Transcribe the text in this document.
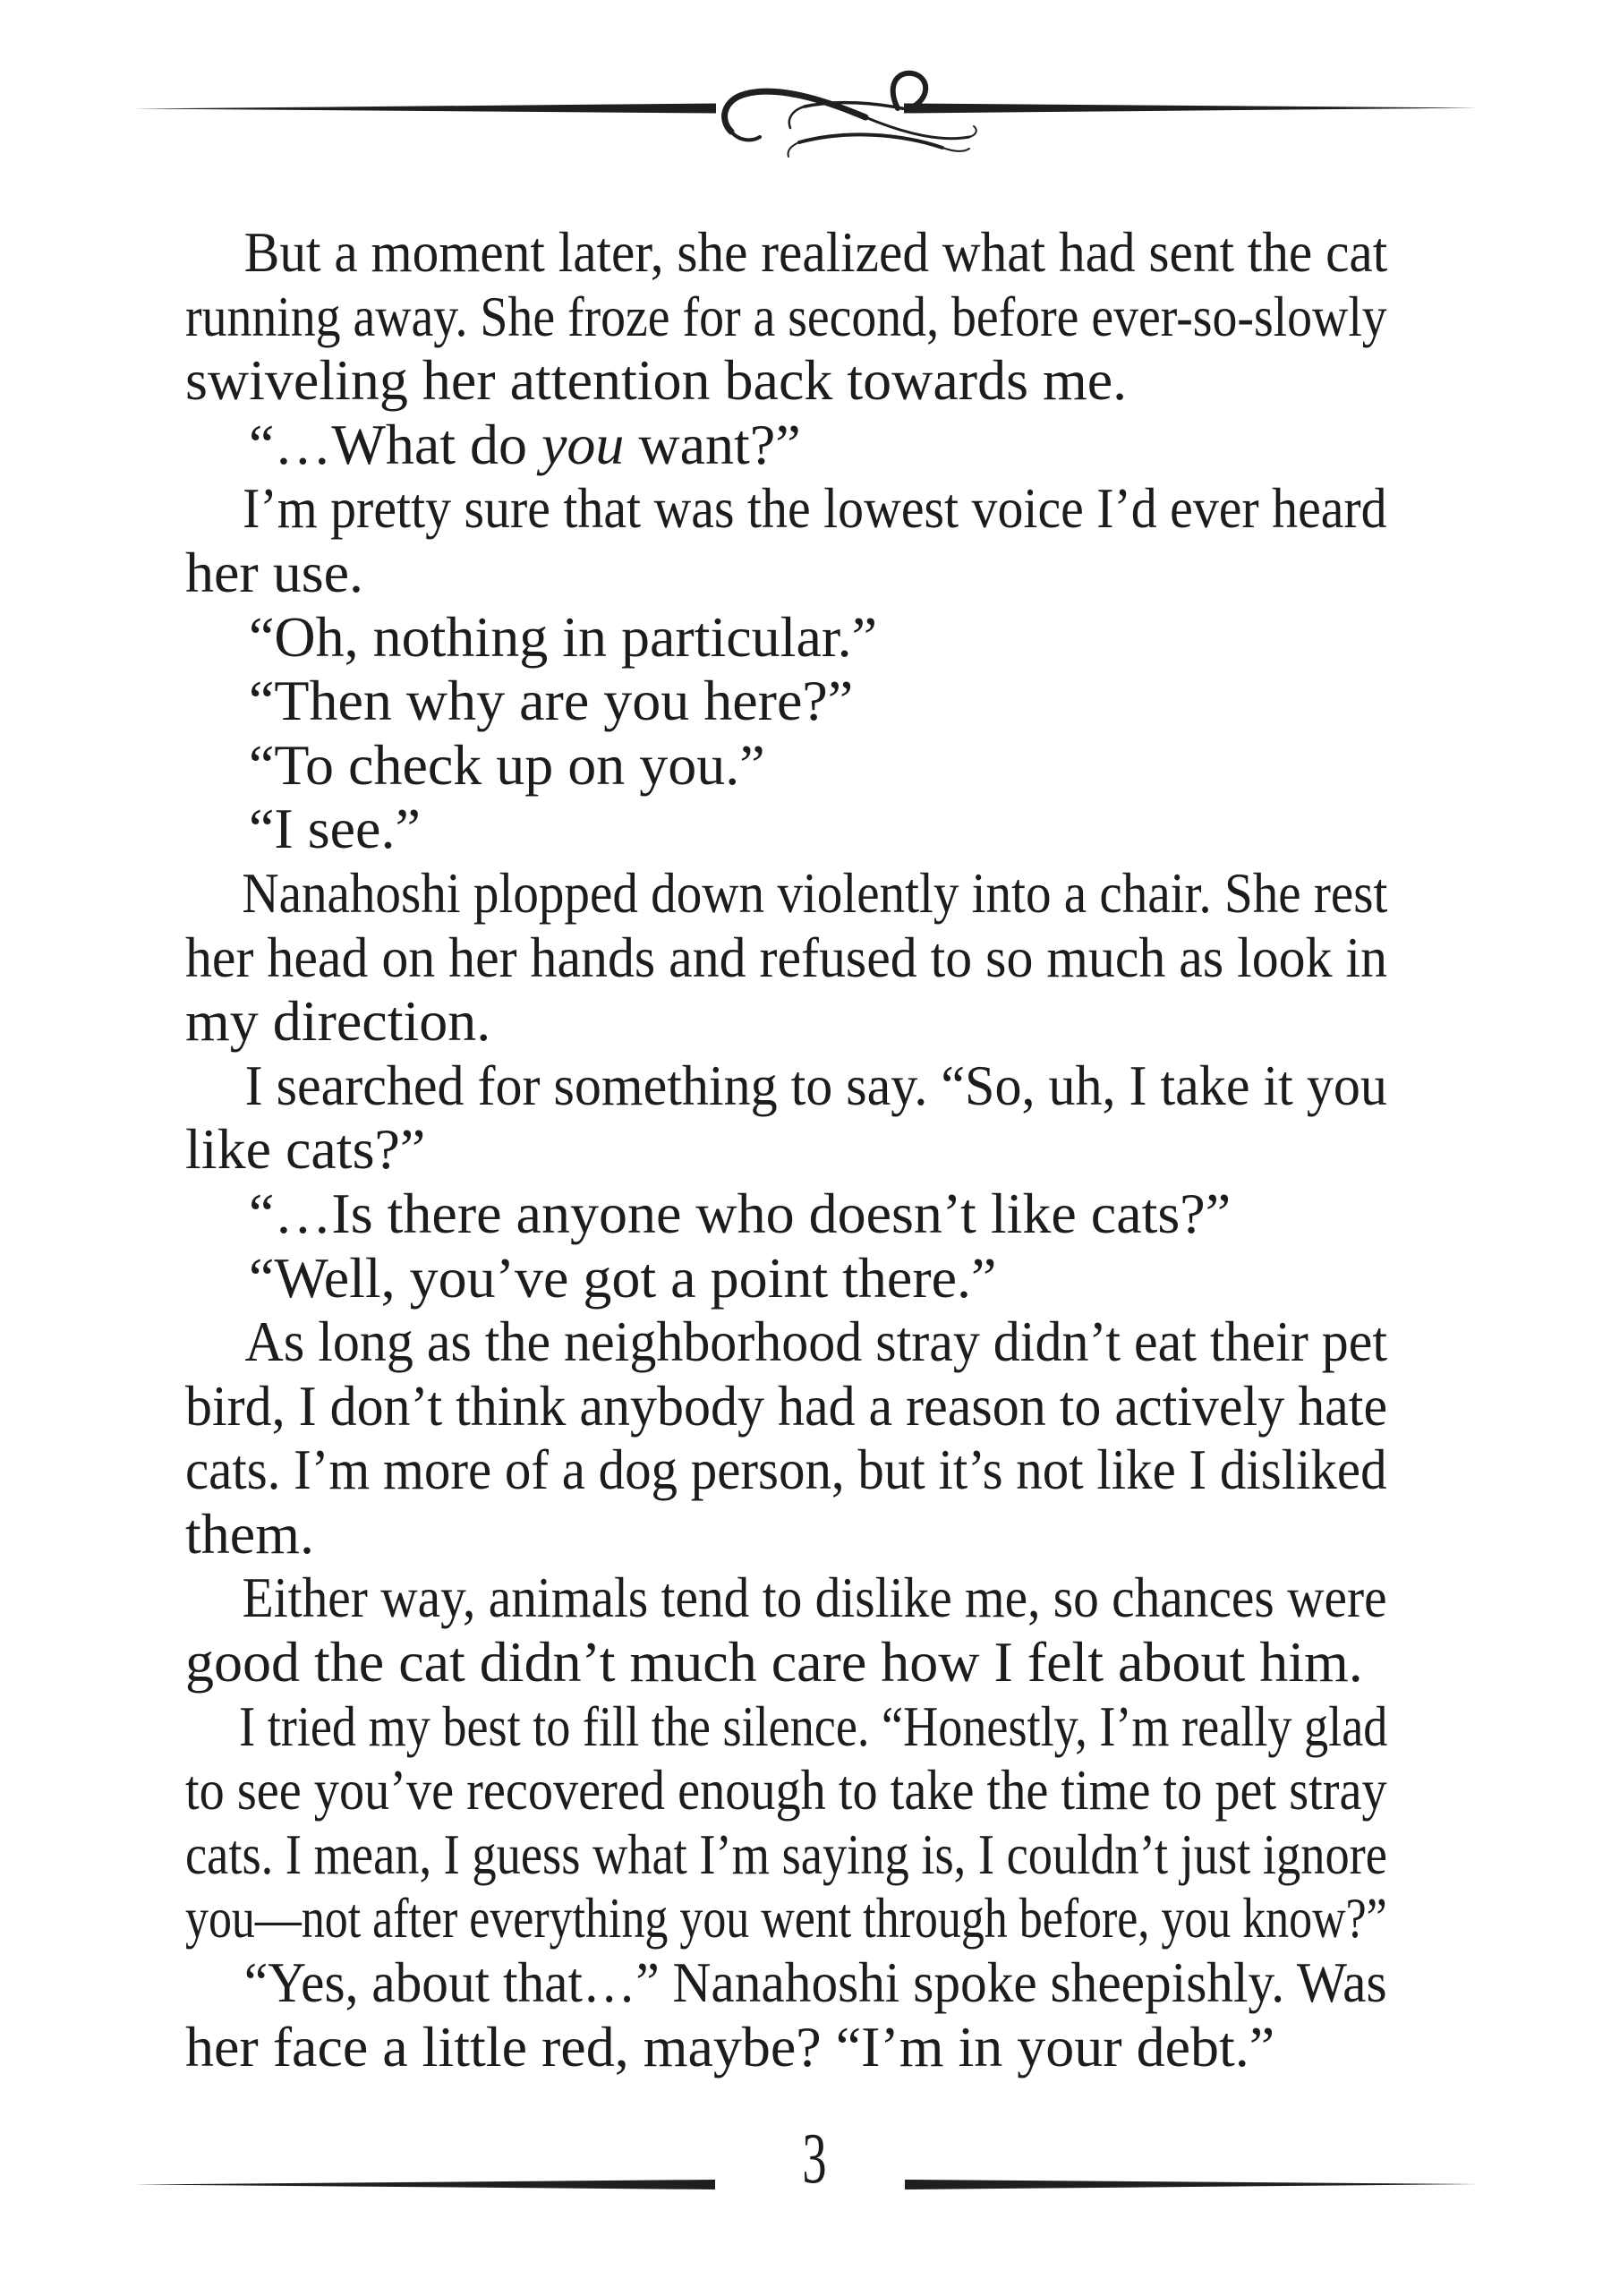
But a moment later, she realized what had sent the cat
running away. She froze for a second, before ever-so-slowly
swiveling her attention back towards me.
“…What do you want?”
I’m pretty sure that was the lowest voice I’d ever heard
her use.
“Oh, nothing in particular.”
“Then why are you here?”
“To check up on you.”
“I see.”
Nanahoshi plopped down violently into a chair. She rest
her head on her hands and refused to so much as look in
my direction.
I searched for something to say. “So, uh, I take it you
like cats?”
“…Is there anyone who doesn’t like cats?”
“Well, you’ve got a point there.”
As long as the neighborhood stray didn’t eat their pet
bird, I don’t think anybody had a reason to actively hate
cats. I’m more of a dog person, but it’s not like I disliked
them.
Either way, animals tend to dislike me, so chances were
good the cat didn’t much care how I felt about him.
I tried my best to fill the silence. “Honestly, I’m really glad
to see you’ve recovered enough to take the time to pet stray
cats. I mean, I guess what I’m saying is, I couldn’t just ignore
you—not after everything you went through before, you know?”
“Yes, about that…” Nanahoshi spoke sheepishly. Was
her face a little red, maybe? “I’m in your debt.”
3
